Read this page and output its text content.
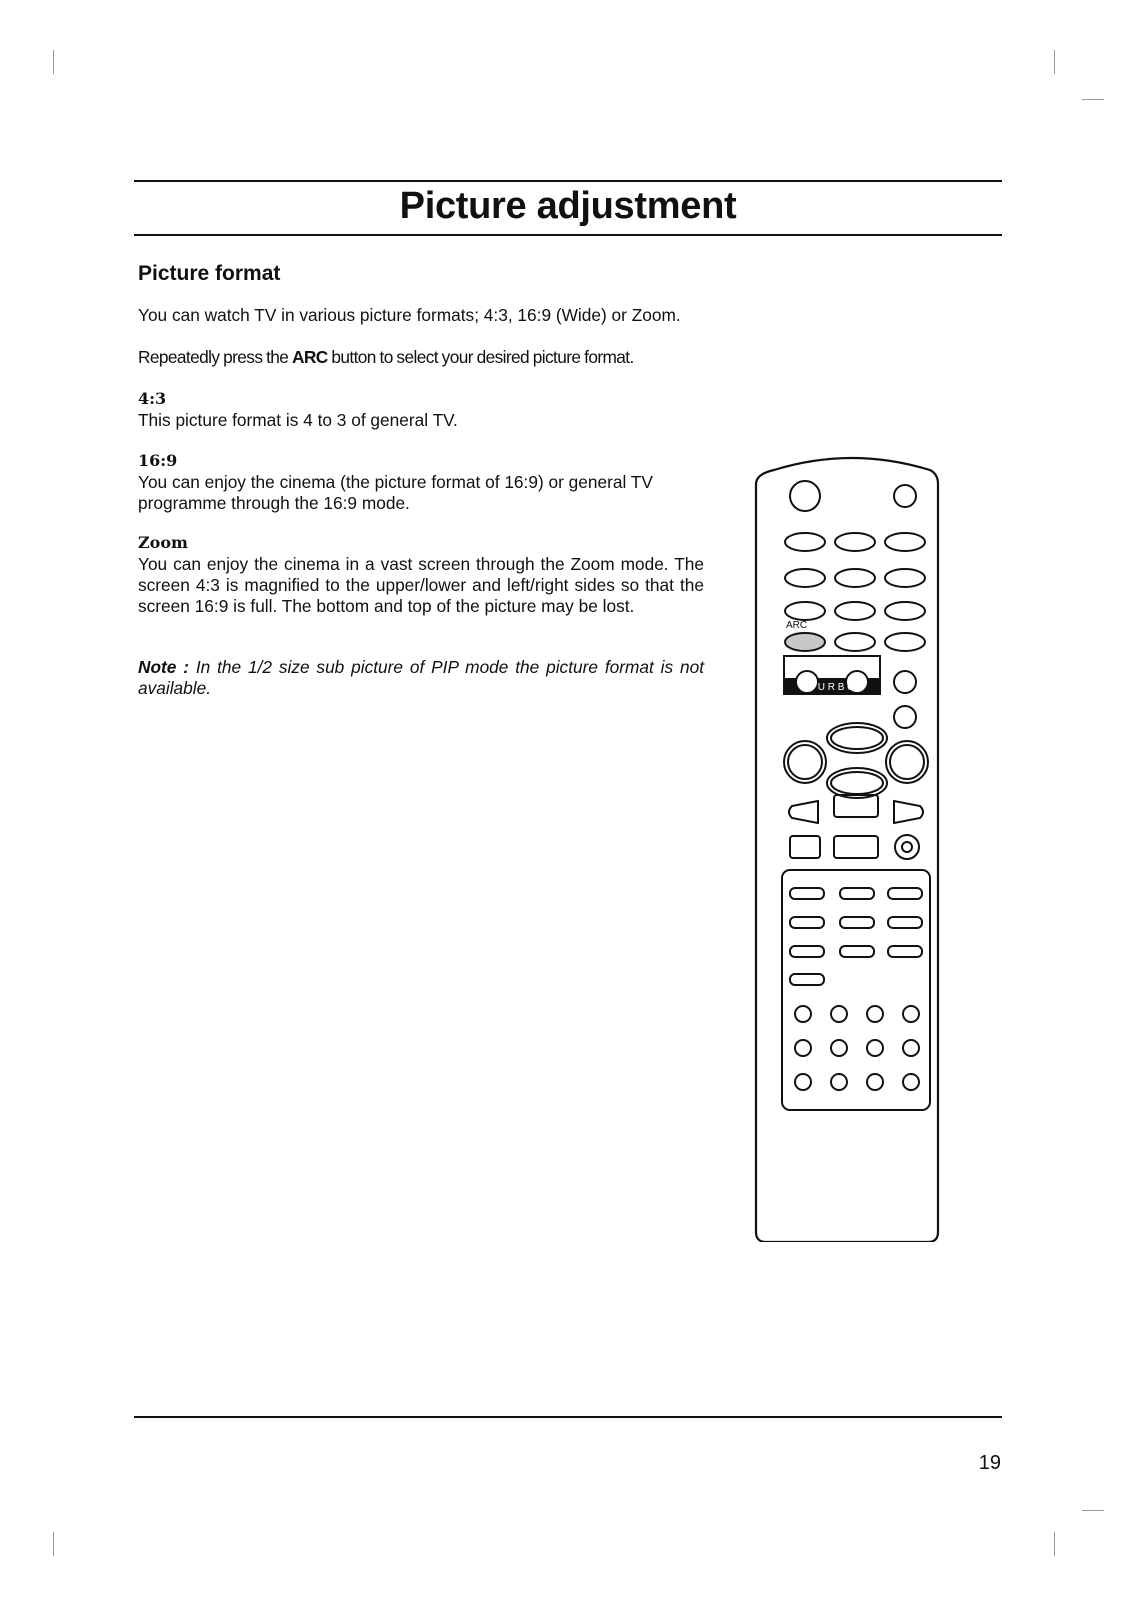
Picture adjustment
Picture format
You can watch TV in various picture formats; 4:3, 16:9 (Wide) or Zoom.
Repeatedly press the ARC button to select your desired picture format.
4:3
This picture format is 4 to 3 of general TV.
16:9
You can enjoy the cinema (the picture format of 16:9) or general TV programme through the 16:9 mode.
Zoom
You can enjoy the cinema in a vast screen through the Zoom mode. The screen 4:3 is magnified to the upper/lower and left/right sides so that the screen 16:9 is full. The bottom and top of the picture may be lost.
Note : In the 1/2 size sub picture of PIP mode the picture format is not available.
ARC
T U R B O
19
